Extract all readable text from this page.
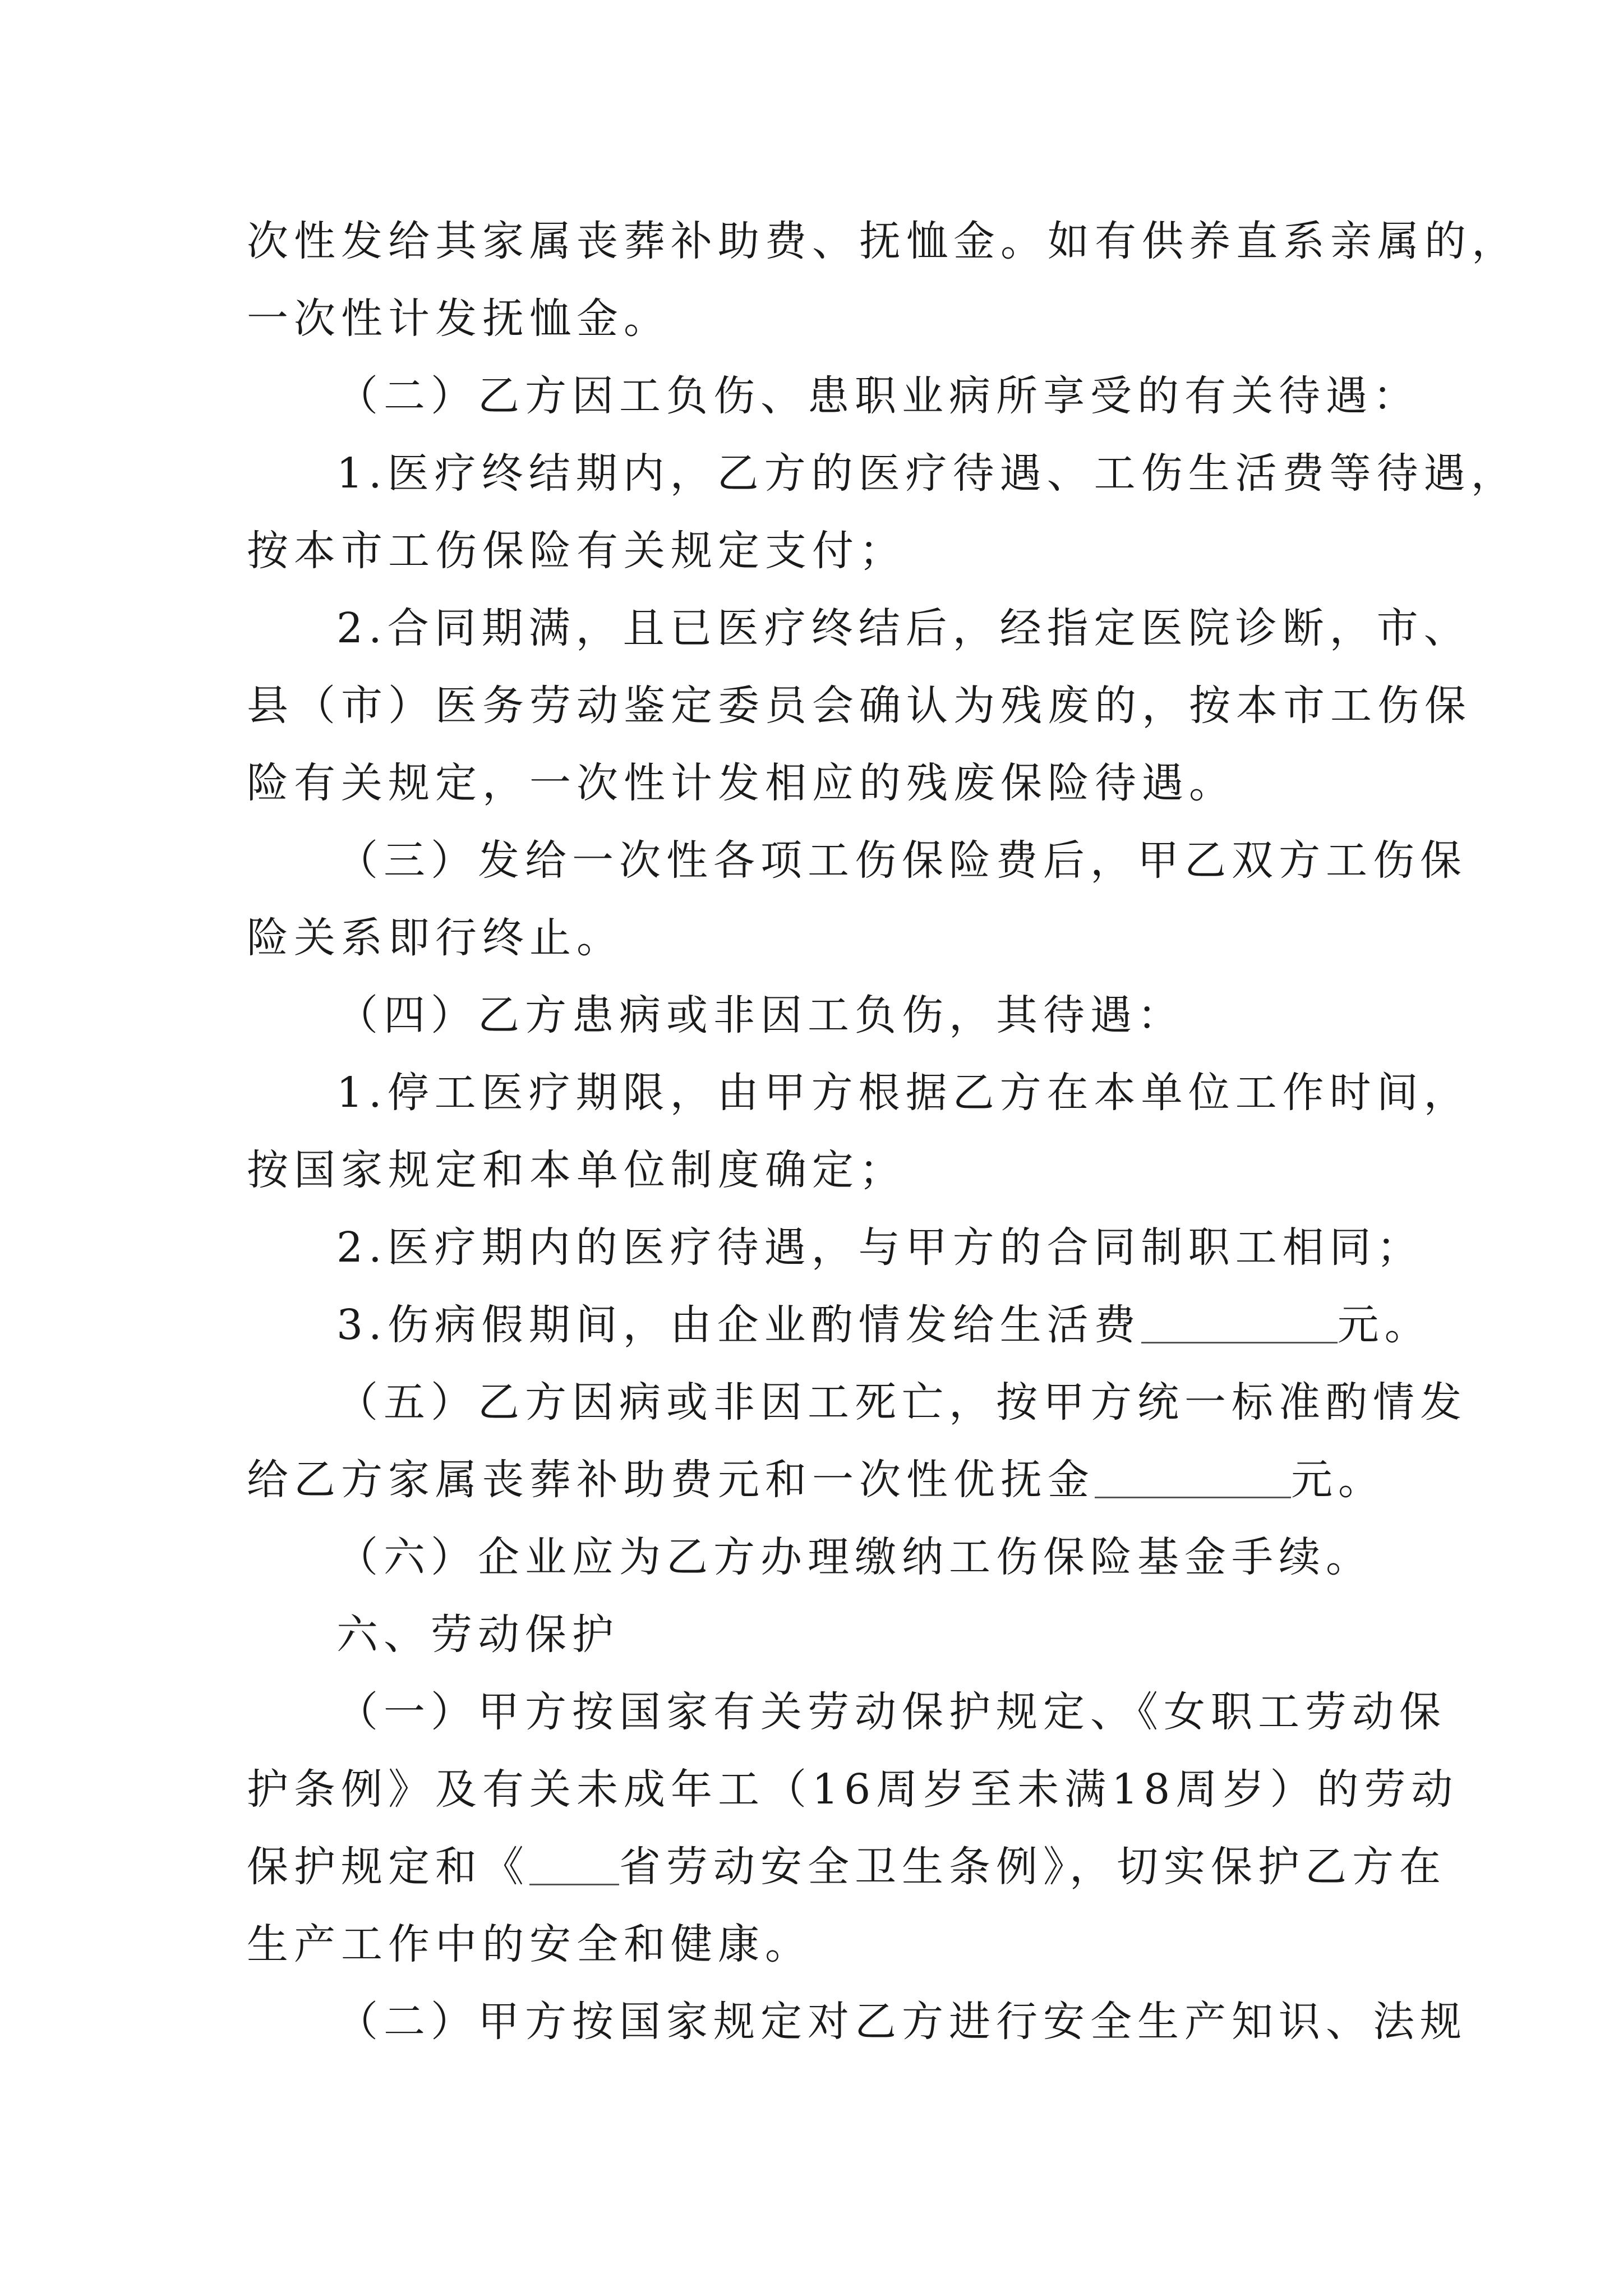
次性发给其家属丧葬补助费、抚恤金。如有供养直系亲属的，
一次性计发抚恤金。
（二）乙方因工负伤、患职业病所享受的有关待遇：
1.医疗终结期内，乙方的医疗待遇、工伤生活费等待遇，
按本市工伤保险有关规定支付；
2.合同期满，且已医疗终结后，经指定医院诊断，市、
县（市）医务劳动鉴定委员会确认为残废的，按本市工伤保
险有关规定，一次性计发相应的残废保险待遇。
（三）发给一次性各项工伤保险费后，甲乙双方工伤保
险关系即行终止。
（四）乙方患病或非因工负伤，其待遇：
1.停工医疗期限，由甲方根据乙方在本单位工作时间，
按国家规定和本单位制度确定；
2.医疗期内的医疗待遇，与甲方的合同制职工相同；
3.伤病假期间，由企业酌情发给生活费	元。
（五）乙方因病或非因工死亡，按甲方统一标准酌情发
给乙方家属丧葬补助费元和一次性优抚金	元。
（六）企业应为乙方办理缴纳工伤保险基金手续。
六、劳动保护
（一）甲方按国家有关劳动保护规定、《女职工劳动保
护条例》及有关未成年工（16周岁至未满18周岁）的劳动
保护规定和《 省劳动安全卫生条例》，切实保护乙方在
生产工作中的安全和健康。
（二）甲方按国家规定对乙方进行安全生产知识、法规
